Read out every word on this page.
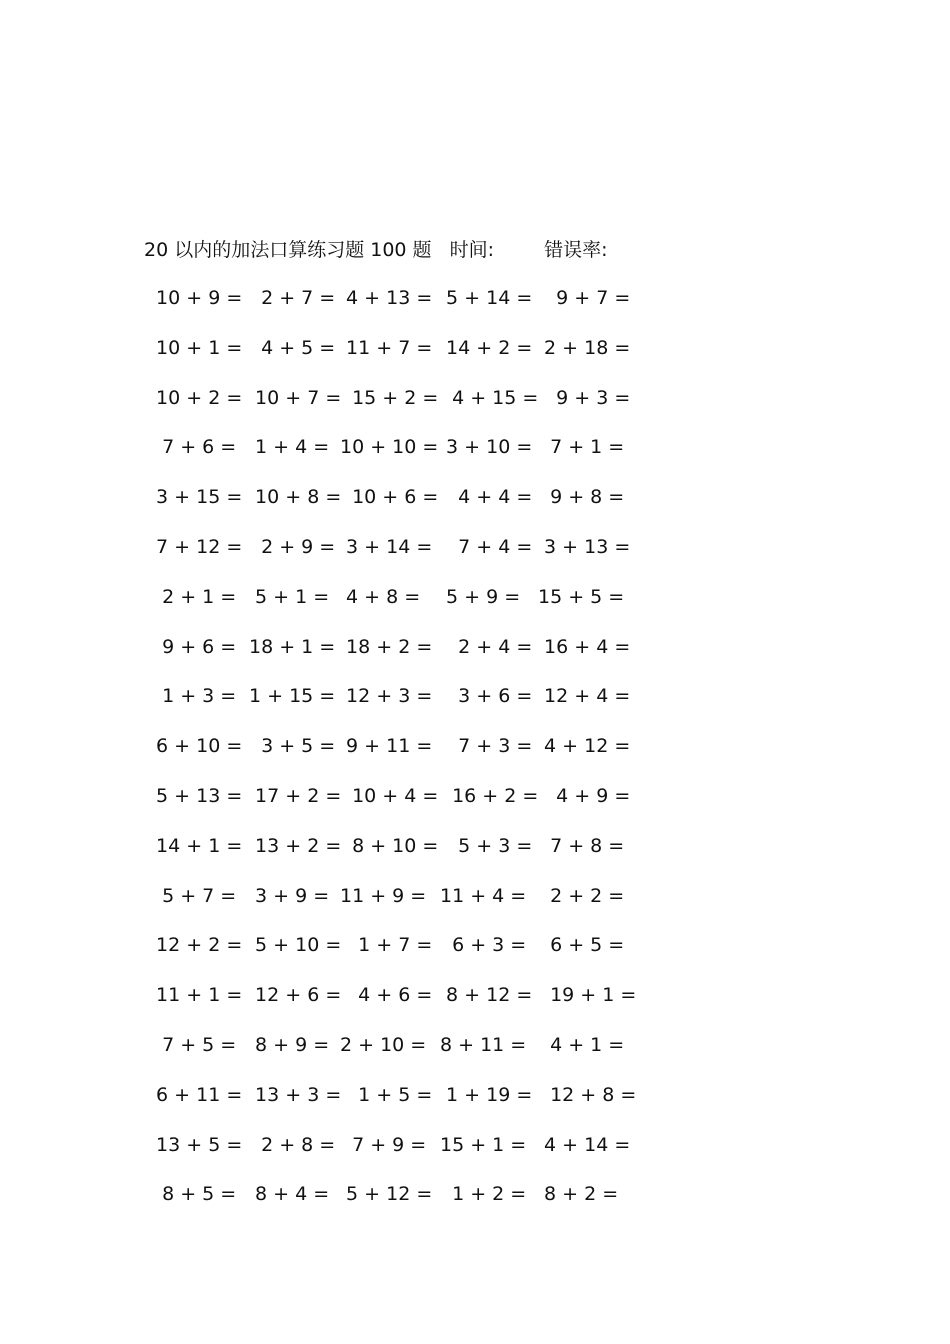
20 以内的加法口算练习题 100 题 时间:	错误率:
10 + 9 = 2 + 7 = 4 + 13 = 5 + 14 = 9 + 7 =
10 + 1 = 4 + 5 = 11 + 7 = 14 + 2 = 2 + 18 =
10 + 2 = 10 + 7 =
15 + 2 = 4 + 15 = 9 + 3 =
7 + 6 = 1 + 4 = 10 + 10 = 3 + 10 = 7 + 1 =
3 + 15 = 10 + 8 =
10 + 6 = 4 + 4 = 9 + 8 =
7 + 12 = 2 + 9 = 3 + 14 = 7 + 4 = 3 + 13 =
2 + 1 = 5 + 1 = 4 + 8 = 5 + 9 = 15 + 5 =
9 + 6 = 18 + 1 = 18 + 2 = 2 + 4 = 16 + 4 =
1 + 3 = 1 + 15 = 12 + 3 = 3 + 6 = 12 + 4 =
6 + 10 = 3 + 5 = 9 + 11 = 7 + 3 = 4 + 12 =
5 + 13 = 17 + 2 =
10 + 4 = 16 + 2 = 4 + 9 =
14 + 1 = 13 + 2 =
8 + 10 = 5 + 3 = 7 + 8 =
5 + 7 = 3 + 9 = 11 + 9 = 11 + 4 = 2 + 2 =
12 + 2 = 5 + 10 =
1 + 7 = 6 + 3 = 6 + 5 =
11 + 1 = 12 + 6 =
4 + 6 = 8 + 12 = 19 + 1 =
7 + 5 = 8 + 9 = 2 + 10 = 8 + 11 = 4 + 1 =
6 + 11 = 13 + 3 =
1 + 5 = 1 + 19 = 12 + 8 =
13 + 5 = 2 + 8 = 7 + 9 = 15 + 1 = 4 + 14 =
8 + 5 = 8 + 4 = 5 + 12 = 1 + 2 = 8 + 2 =
